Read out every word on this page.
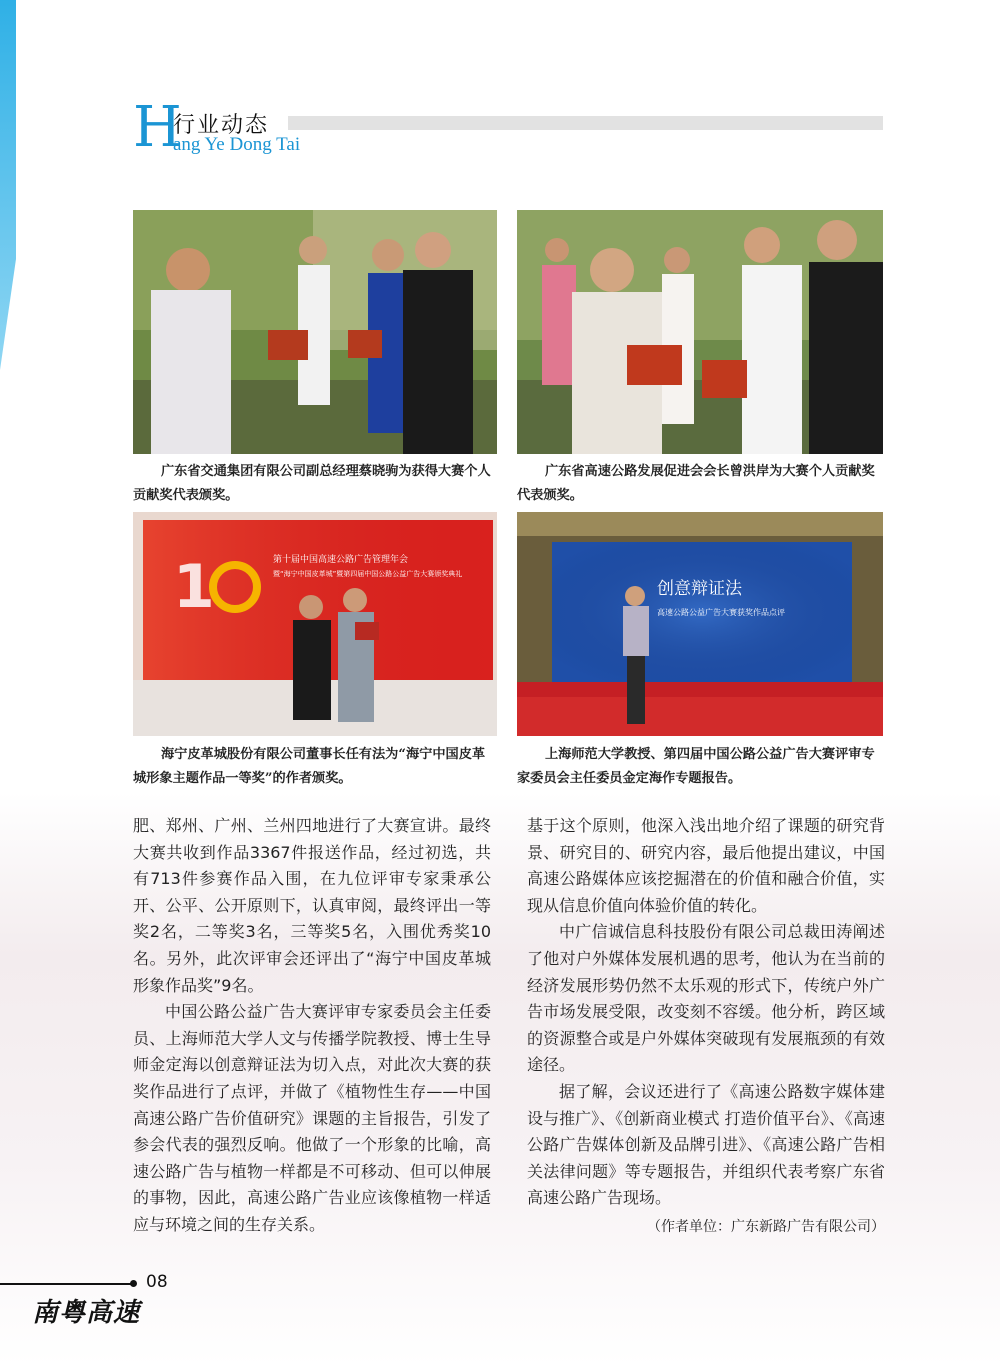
H
行业动态
ang Ye Dong Tai
广东省交通集团有限公司副总经理蔡晓驹为获得大赛个人贡献奖代表颁奖。
广东省高速公路发展促进会会长曾洪岸为大赛个人贡献奖代表颁奖。
1	第十届中国高速公路广告管理年会
暨“海宁中国皮革城”暨第四届中国公路公益广告大赛颁奖典礼
海宁皮革城股份有限公司董事长任有法为“海宁中国皮革城形象主题作品一等奖”的作者颁奖。
创意辩证法
高速公路公益广告大赛获奖作品点评
上海师范大学教授、第四届中国公路公益广告大赛评审专家委员会主任委员金定海作专题报告。

肥、郑州、广州、兰州四地进行了大赛宣讲。最终大赛共收到作品3367件报送作品，经过初选，共有713件参赛作品入围，在九位评审专家秉承公开、公平、公开原则下，认真审阅，最终评出一等奖2名，二等奖3名，三等奖5名，入围优秀奖10名。另外，此次评审会还评出了“海宁中国皮革城形象作品奖”9名。

中国公路公益广告大赛评审专家委员会主任委员、上海师范大学人文与传播学院教授、博士生导师金定海以创意辩证法为切入点，对此次大赛的获奖作品进行了点评，并做了《植物性生存——中国高速公路广告价值研究》课题的主旨报告，引发了参会代表的强烈反响。他做了一个形象的比喻，高速公路广告与植物一样都是不可移动、但可以伸展的事物，因此，高速公路广告业应该像植物一样适应与环境之间的生存关系。

基于这个原则，他深入浅出地介绍了课题的研究背景、研究目的、研究内容，最后他提出建议，中国高速公路媒体应该挖掘潜在的价值和融合价值，实现从信息价值向体验价值的转化。

中广信诚信息科技股份有限公司总裁田涛阐述了他对户外媒体发展机遇的思考，他认为在当前的经济发展形势仍然不太乐观的形式下，传统户外广告市场发展受限，改变刻不容缓。他分析，跨区域的资源整合或是户外媒体突破现有发展瓶颈的有效途径。

据了解，会议还进行了《高速公路数字媒体建设与推广》、《创新商业模式 打造价值平台》、《高速公路广告媒体创新及品牌引进》、《高速公路广告相关法律问题》等专题报告，并组织代表考察广东省高速公路广告现场。

（作者单位：广东新路广告有限公司）

08
南粤高速
